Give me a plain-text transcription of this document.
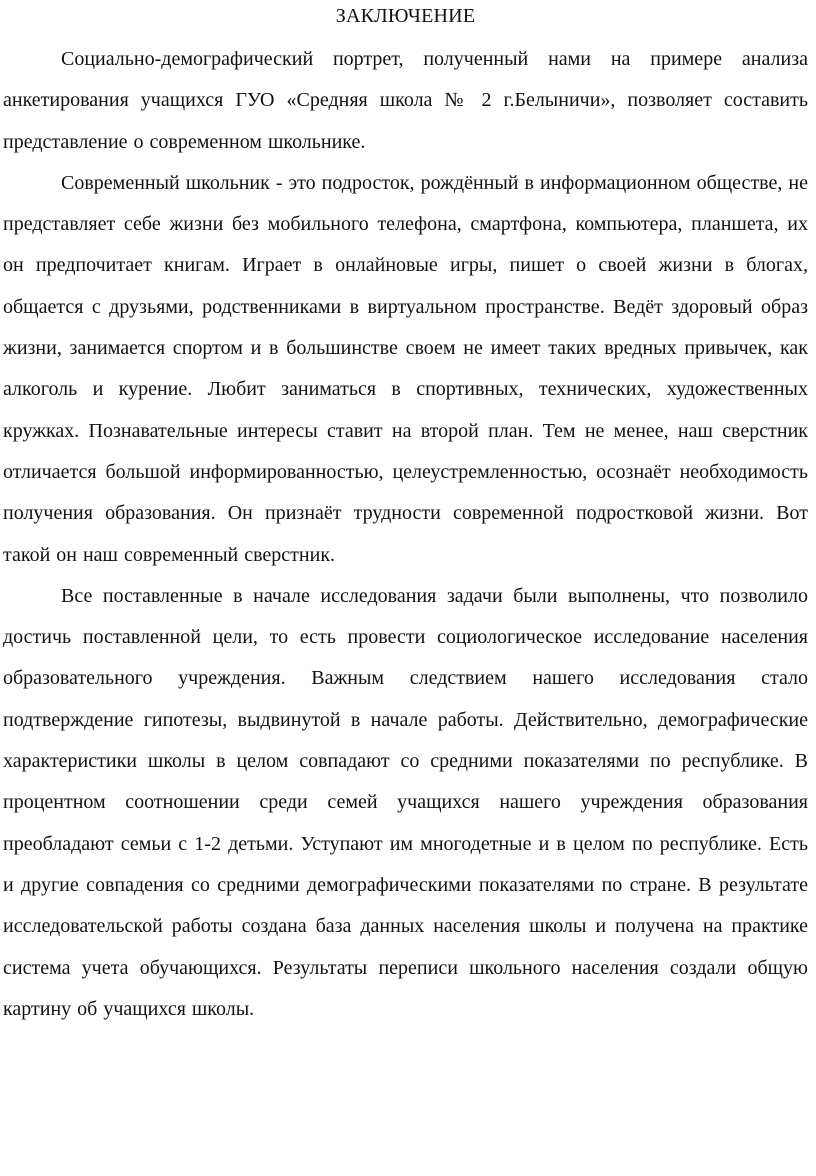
ЗАКЛЮЧЕНИЕ

Социально-демографический портрет, полученный нами на примере анализа анкетирования учащихся ГУО «Средняя школа № 2 г.Белыничи», позволяет составить представление о современном школьнике.

Современный школьник - это подросток, рождённый в информационном обществе, не представляет себе жизни без мобильного телефона, смартфона, компьютера, планшета, их он предпочитает книгам. Играет в онлайновые игры, пишет о своей жизни в блогах, общается с друзьями, родственниками в виртуальном пространстве. Ведёт здоровый образ жизни, занимается спортом и в большинстве своем не имеет таких вредных привычек, как алкоголь и курение. Любит заниматься в спортивных, технических, художественных кружках. Познавательные интересы ставит на второй план. Тем не менее, наш сверстник отличается большой информированностью, целеустремленностью, осознаёт необходимость получения образования. Он признаёт трудности современной подростковой жизни. Вот такой он наш современный сверстник.

Все поставленные в начале исследования задачи были выполнены, что позволило достичь поставленной цели, то есть провести социологическое исследование населения образовательного учреждения. Важным следствием нашего исследования стало подтверждение гипотезы, выдвинутой в начале работы. Действительно, демографические характеристики школы в целом совпадают со средними показателями по республике. В процентном соотношении среди семей учащихся нашего учреждения образования преобладают семьи с 1-2 детьми. Уступают им многодетные и в целом по республике. Есть и другие совпадения со средними демографическими показателями по стране. В результате исследовательской работы создана база данных населения школы и получена на практике система учета обучающихся. Результаты переписи школьного населения создали общую картину об учащихся школы.
